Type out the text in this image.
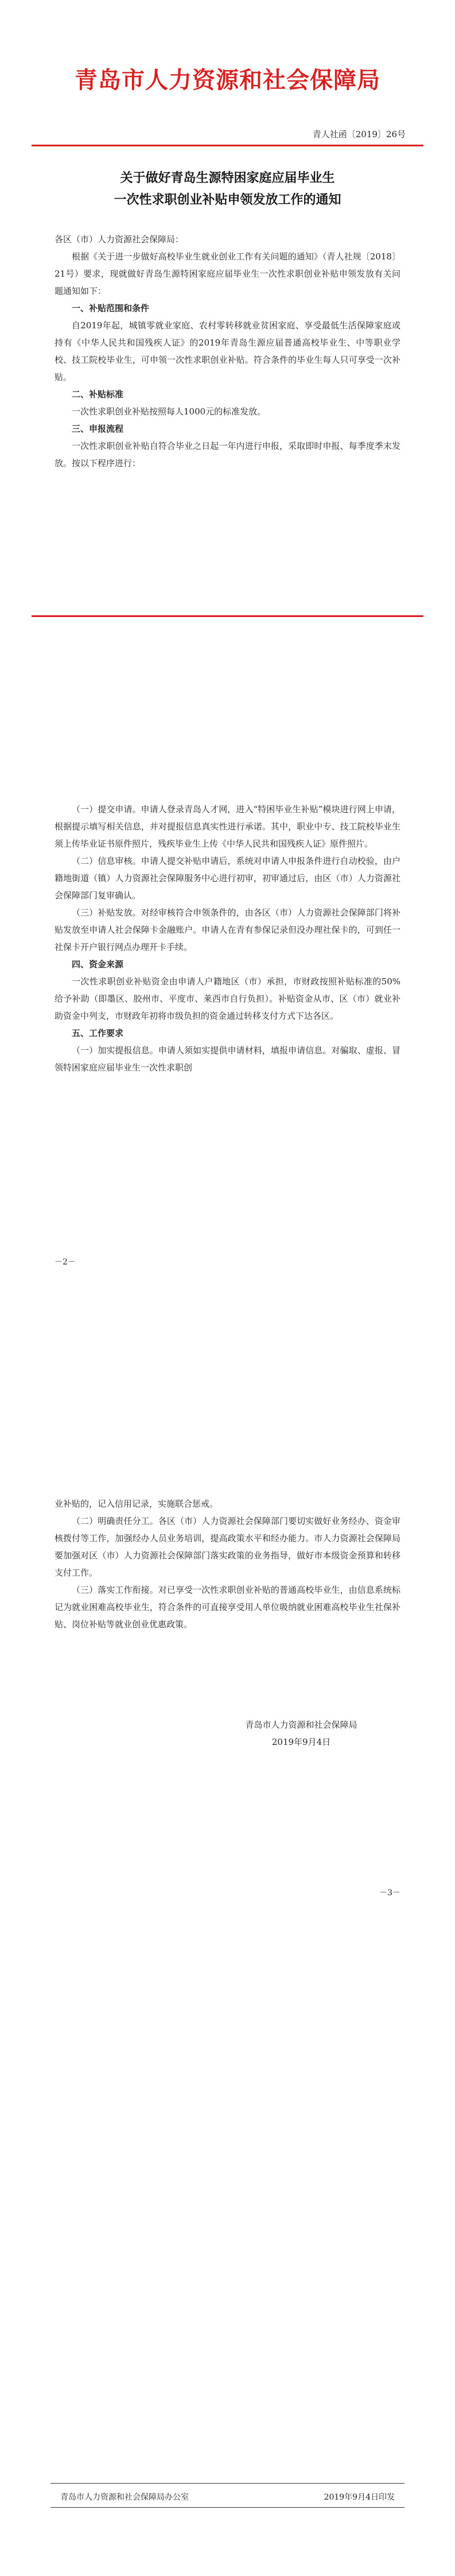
青岛市人力资源和社会保障局
青人社函〔2019〕26号
关于做好青岛生源特困家庭应届毕业生
一次性求职创业补贴申领发放工作的通知
各区（市）人力资源社会保障局：
根据《关于进一步做好高校毕业生就业创业工作有关问题的通知》（青人社规〔2018〕21号）要求，现就做好青岛生源特困家庭应届毕业生一次性求职创业补贴申领发放有关问题通知如下：
一、补贴范围和条件
自2019年起，城镇零就业家庭、农村零转移就业贫困家庭、享受最低生活保障家庭或持有《中华人民共和国残疾人证》的2019年青岛生源应届普通高校毕业生、中等职业学校、技工院校毕业生，可申领一次性求职创业补贴。符合条件的毕业生每人只可享受一次补贴。
二、补贴标准
一次性求职创业补贴按照每人1000元的标准发放。
三、申报流程
一次性求职创业补贴自符合毕业之日起一年内进行申报，采取即时申报、每季度季末发放。按以下程序进行：
（一）提交申请。申请人登录青岛人才网，进入“特困毕业生补贴”模块进行网上申请，根据提示填写相关信息，并对提报信息真实性进行承诺。其中，职业中专、技工院校毕业生须上传毕业证书原件照片，残疾毕业生上传《中华人民共和国残疾人证》原件照片。
（二）信息审核。申请人提交补贴申请后，系统对申请人申报条件进行自动校验，由户籍地街道（镇）人力资源社会保障服务中心进行初审，初审通过后，由区（市）人力资源社会保障部门复审确认。
（三）补贴发放。对经审核符合申领条件的，由各区（市）人力资源社会保障部门将补贴发放至申请人社会保障卡金融账户。申请人在青有参保记录但没办理社保卡的，可到任一社保卡开户银行网点办理开卡手续。
四、资金来源
一次性求职创业补贴资金由申请人户籍地区（市）承担，市财政按照补贴标准的50%给予补助（即墨区、胶州市、平度市、莱西市自行负担）。补贴资金从市、区（市）就业补助资金中列支，市财政年初将市级负担的资金通过转移支付方式下达各区。
五、工作要求
（一）加实提报信息。申请人须如实提供申请材料，填报申请信息。对骗取、虚报、冒领特困家庭应届毕业生一次性求职创
－2－
业补贴的，记入信用记录，实施联合惩戒。
（二）明确责任分工。各区（市）人力资源社会保障部门要切实做好业务经办、资金审核拨付等工作，加强经办人员业务培训，提高政策水平和经办能力。市人力资源社会保障局要加强对区（市）人力资源社会保障部门落实政策的业务指导，做好市本级资金预算和转移支付工作。
（三）落实工作衔接。对已享受一次性求职创业补贴的普通高校毕业生，由信息系统标记为就业困难高校毕业生，符合条件的可直接享受用人单位吸纳就业困难高校毕业生社保补贴、岗位补贴等就业创业优惠政策。
青岛市人力资源和社会保障局
2019年9月4日
－3－
青岛市人力资源和社会保障局办公室	2019年9月4日印发
